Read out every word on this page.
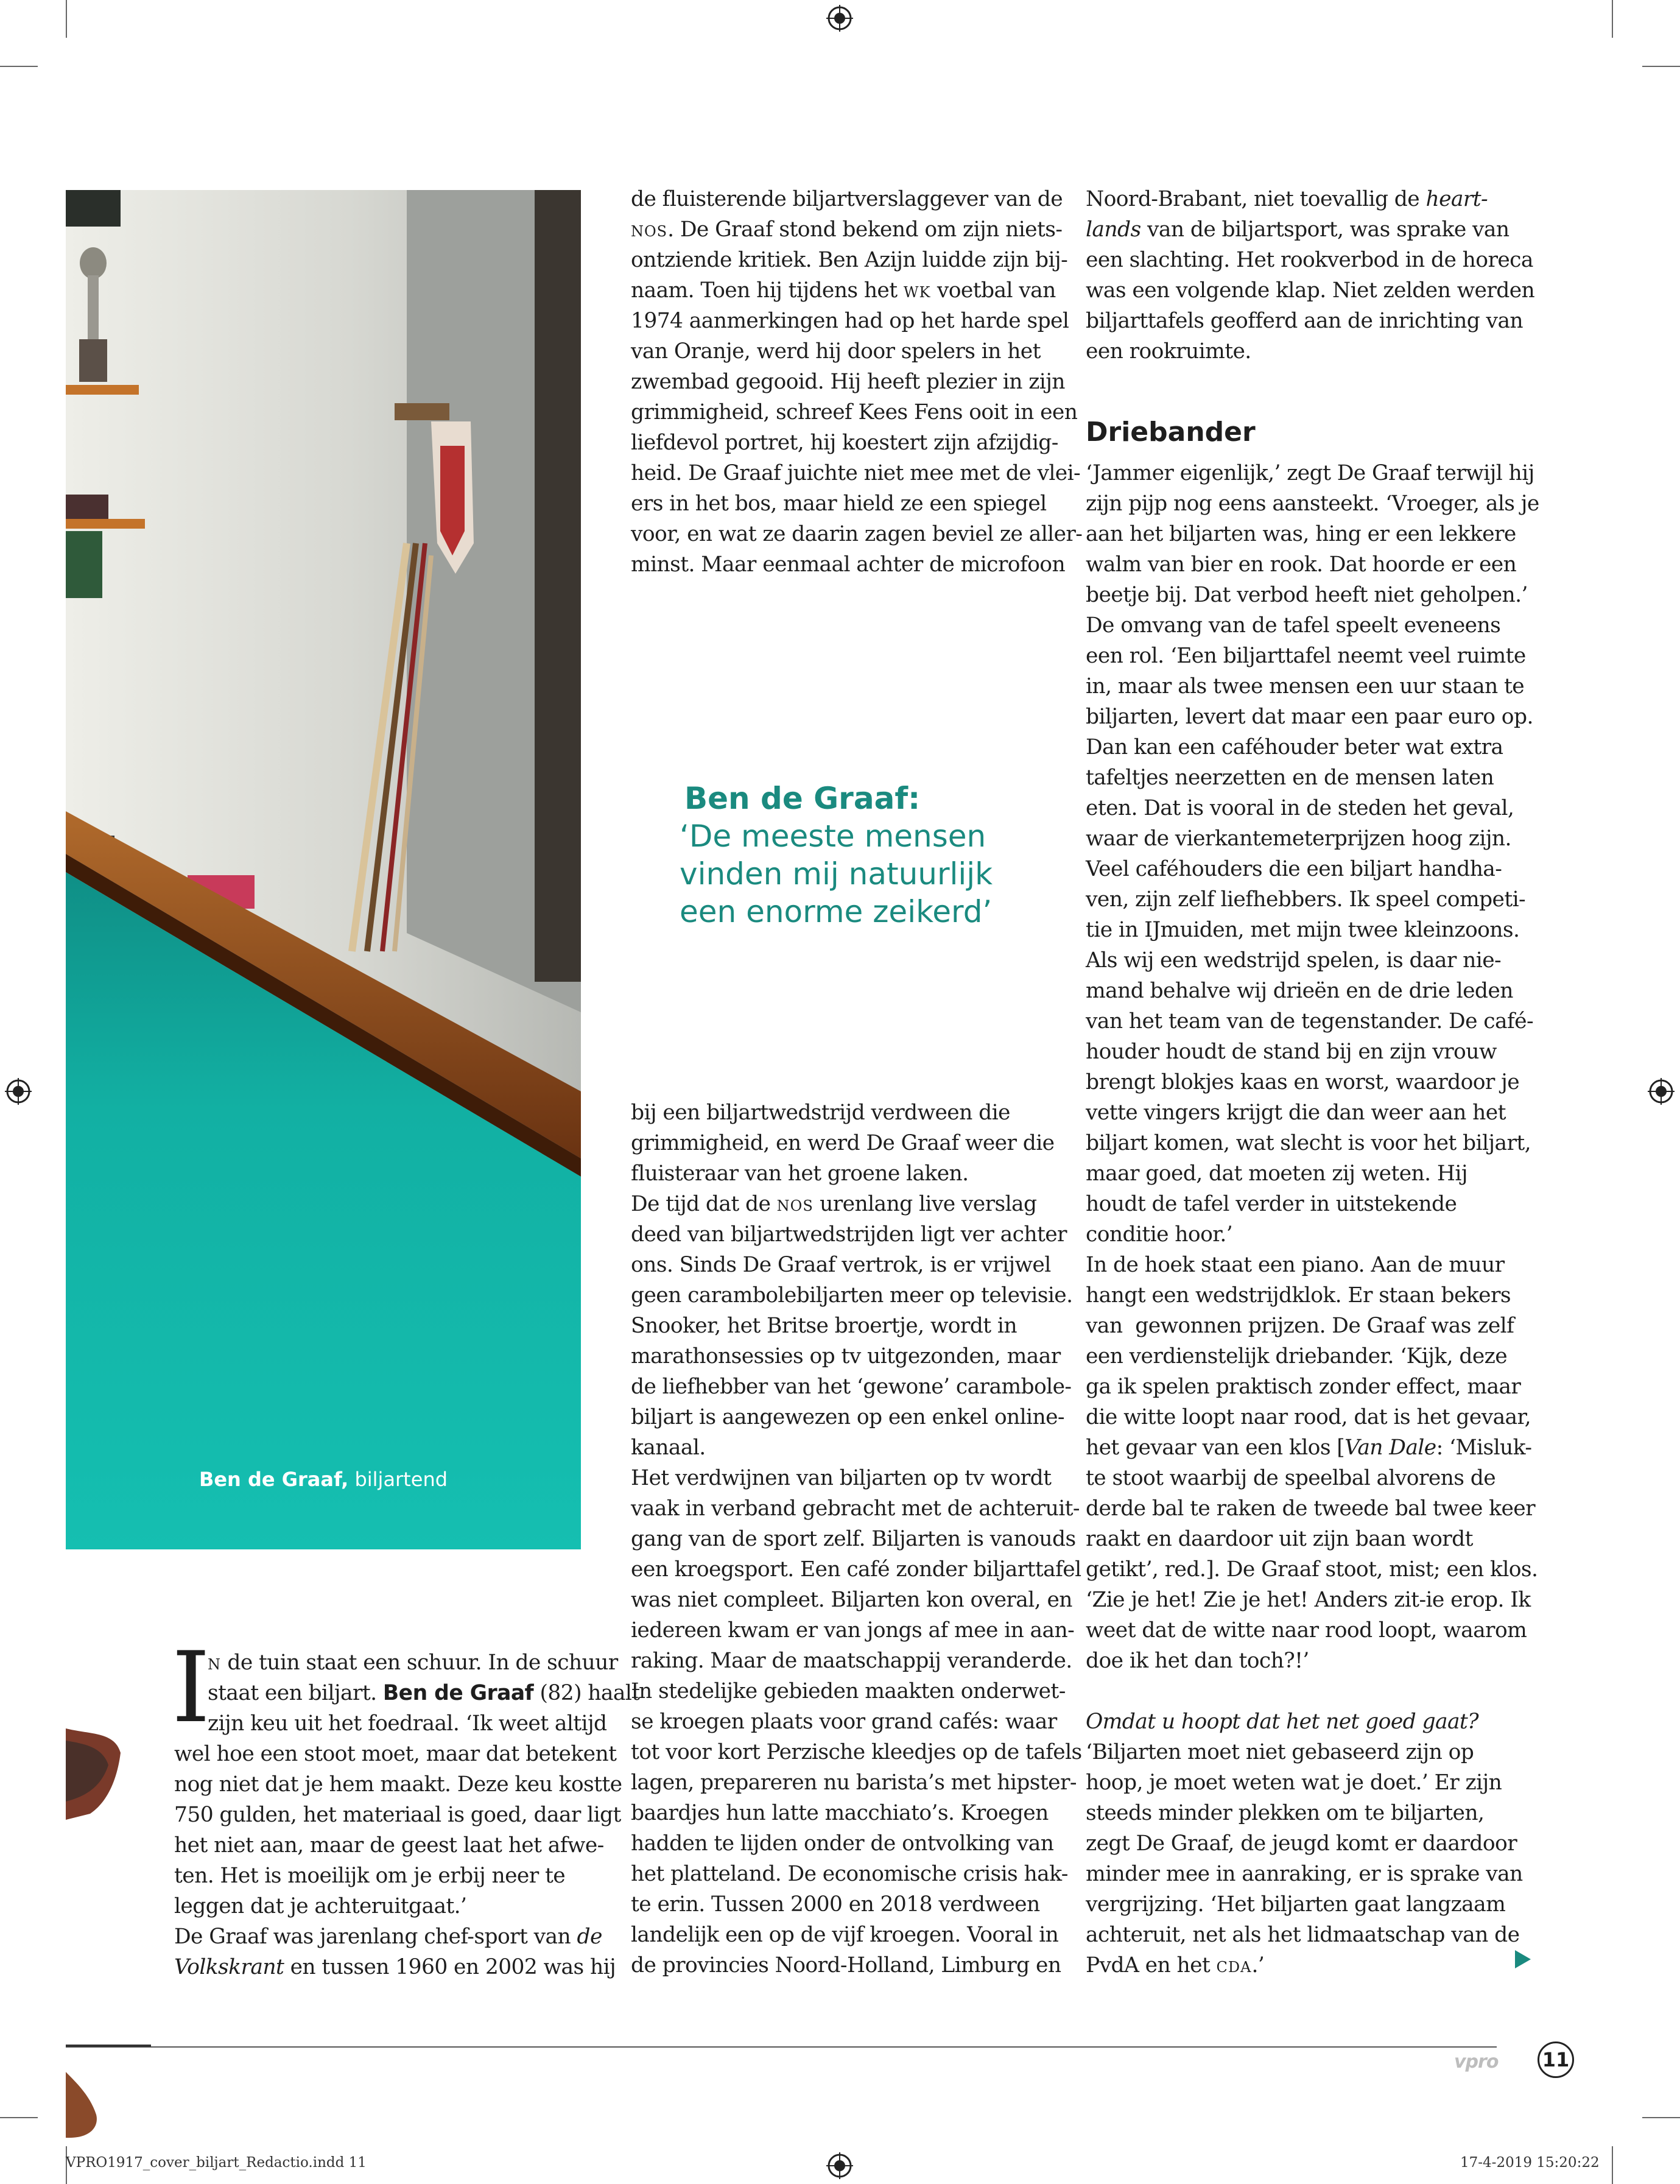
Ben de Graaf, biljartend
I

n de tuin staat een schuur. In de schuur

staat een biljart. Ben de Graaf (82) haalt

zijn keu uit het foedraal. ‘Ik weet altijd

wel hoe een stoot moet, maar dat betekent

nog niet dat je hem maakt. Deze keu kostte

750 gulden, het materiaal is goed, daar ligt

het niet aan, maar de geest laat het afwe-

ten. Het is moeilijk om je erbij neer te

leggen dat je achteruitgaat.’

De Graaf was jarenlang chef-sport van de

Volkskrant en tussen 1960 en 2002 was hij

de fluisterende biljartverslaggever van de

nos. De Graaf stond bekend om zijn niets-

ontziende kritiek. Ben Azijn luidde zijn bij-

naam. Toen hij tijdens het wk voetbal van

1974 aanmerkingen had op het harde spel

van Oranje, werd hij door spelers in het

zwembad gegooid. Hij heeft plezier in zijn

grimmigheid, schreef Kees Fens ooit in een

liefdevol portret, hij koestert zijn afzijdig-

heid. De Graaf juichte niet mee met de vlei-

ers in het bos, maar hield ze een spiegel

voor, en wat ze daarin zagen beviel ze aller-

minst. Maar eenmaal achter de microfoon

Ben de Graaf:
‘De meeste mensen
vinden mij natuurlijk
een enorme zeikerd’

bij een biljartwedstrijd verdween die

grimmigheid, en werd De Graaf weer die

fluisteraar van het groene laken.

De tijd dat de nos urenlang live verslag

deed van biljartwedstrijden ligt ver achter

ons. Sinds De Graaf vertrok, is er vrijwel

geen carambolebiljarten meer op televisie.

Snooker, het Britse broertje, wordt in

marathonsessies op tv uitgezonden, maar

de liefhebber van het ‘gewone’ carambole-

biljart is aangewezen op een enkel online-

kanaal.

Het verdwijnen van biljarten op tv wordt

vaak in verband gebracht met de achteruit-

gang van de sport zelf. Biljarten is vanouds

een kroegsport. Een café zonder biljarttafel

was niet compleet. Biljarten kon overal, en

iedereen kwam er van jongs af mee in aan-

raking. Maar de maatschappij veranderde.

In stedelijke gebieden maakten onderwet-

se kroegen plaats voor grand cafés: waar

tot voor kort Perzische kleedjes op de tafels

lagen, prepareren nu barista’s met hipster-

baardjes hun latte macchiato’s. Kroegen

hadden te lijden onder de ontvolking van

het platteland. De economische crisis hak-

te erin. Tussen 2000 en 2018 verdween

landelijk een op de vijf kroegen. Vooral in

de provincies Noord-Holland, Limburg en

Noord-Brabant, niet toevallig de heart-

lands van de biljartsport, was sprake van

een slachting. Het rookverbod in de horeca

was een volgende klap. Niet zelden werden

biljarttafels geofferd aan de inrichting van

een rookruimte.

Driebander

‘Jammer eigenlijk,’ zegt De Graaf terwijl hij

zijn pijp nog eens aansteekt. ‘Vroeger, als je

aan het biljarten was, hing er een lekkere

walm van bier en rook. Dat hoorde er een

beetje bij. Dat verbod heeft niet geholpen.’

De omvang van de tafel speelt eveneens

een rol. ‘Een biljarttafel neemt veel ruimte

in, maar als twee mensen een uur staan te

biljarten, levert dat maar een paar euro op.

Dan kan een caféhouder beter wat extra

tafeltjes neerzetten en de mensen laten

eten. Dat is vooral in de steden het geval,

waar de vierkantemeterprijzen hoog zijn.

Veel caféhouders die een biljart handha-

ven, zijn zelf liefhebbers. Ik speel competi-

tie in IJmuiden, met mijn twee kleinzoons.

Als wij een wedstrijd spelen, is daar nie-

mand behalve wij drieën en de drie leden

van het team van de tegenstander. De café-

houder houdt de stand bij en zijn vrouw

brengt blokjes kaas en worst, waardoor je

vette vingers krijgt die dan weer aan het

biljart komen, wat slecht is voor het biljart,

maar goed, dat moeten zij weten. Hij

houdt de tafel verder in uitstekende

conditie hoor.’

In de hoek staat een piano. Aan de muur

hangt een wedstrijdklok. Er staan bekers

van  gewonnen prijzen. De Graaf was zelf

een verdienstelijk driebander. ‘Kijk, deze

ga ik spelen praktisch zonder effect, maar

die witte loopt naar rood, dat is het gevaar,

het gevaar van een klos [Van Dale: ‘Misluk-

te stoot waarbij de speelbal alvorens de

derde bal te raken de tweede bal twee keer

raakt en daardoor uit zijn baan wordt

getikt’, red.]. De Graaf stoot, mist; een klos.

‘Zie je het! Zie je het! Anders zit-ie erop. Ik

weet dat de witte naar rood loopt, waarom

doe ik het dan toch?!’

Omdat u hoopt dat het net goed gaat?

‘Biljarten moet niet gebaseerd zijn op

hoop, je moet weten wat je doet.’ Er zijn

steeds minder plekken om te biljarten,

zegt De Graaf, de jeugd komt er daardoor

minder mee in aanraking, er is sprake van

vergrijzing. ‘Het biljarten gaat langzaam

achteruit, net als het lidmaatschap van de

PvdA en het cda.’

vpro 11
VPRO1917_cover_biljart_Redactio.indd 11	17-4-2019 15:20:22
